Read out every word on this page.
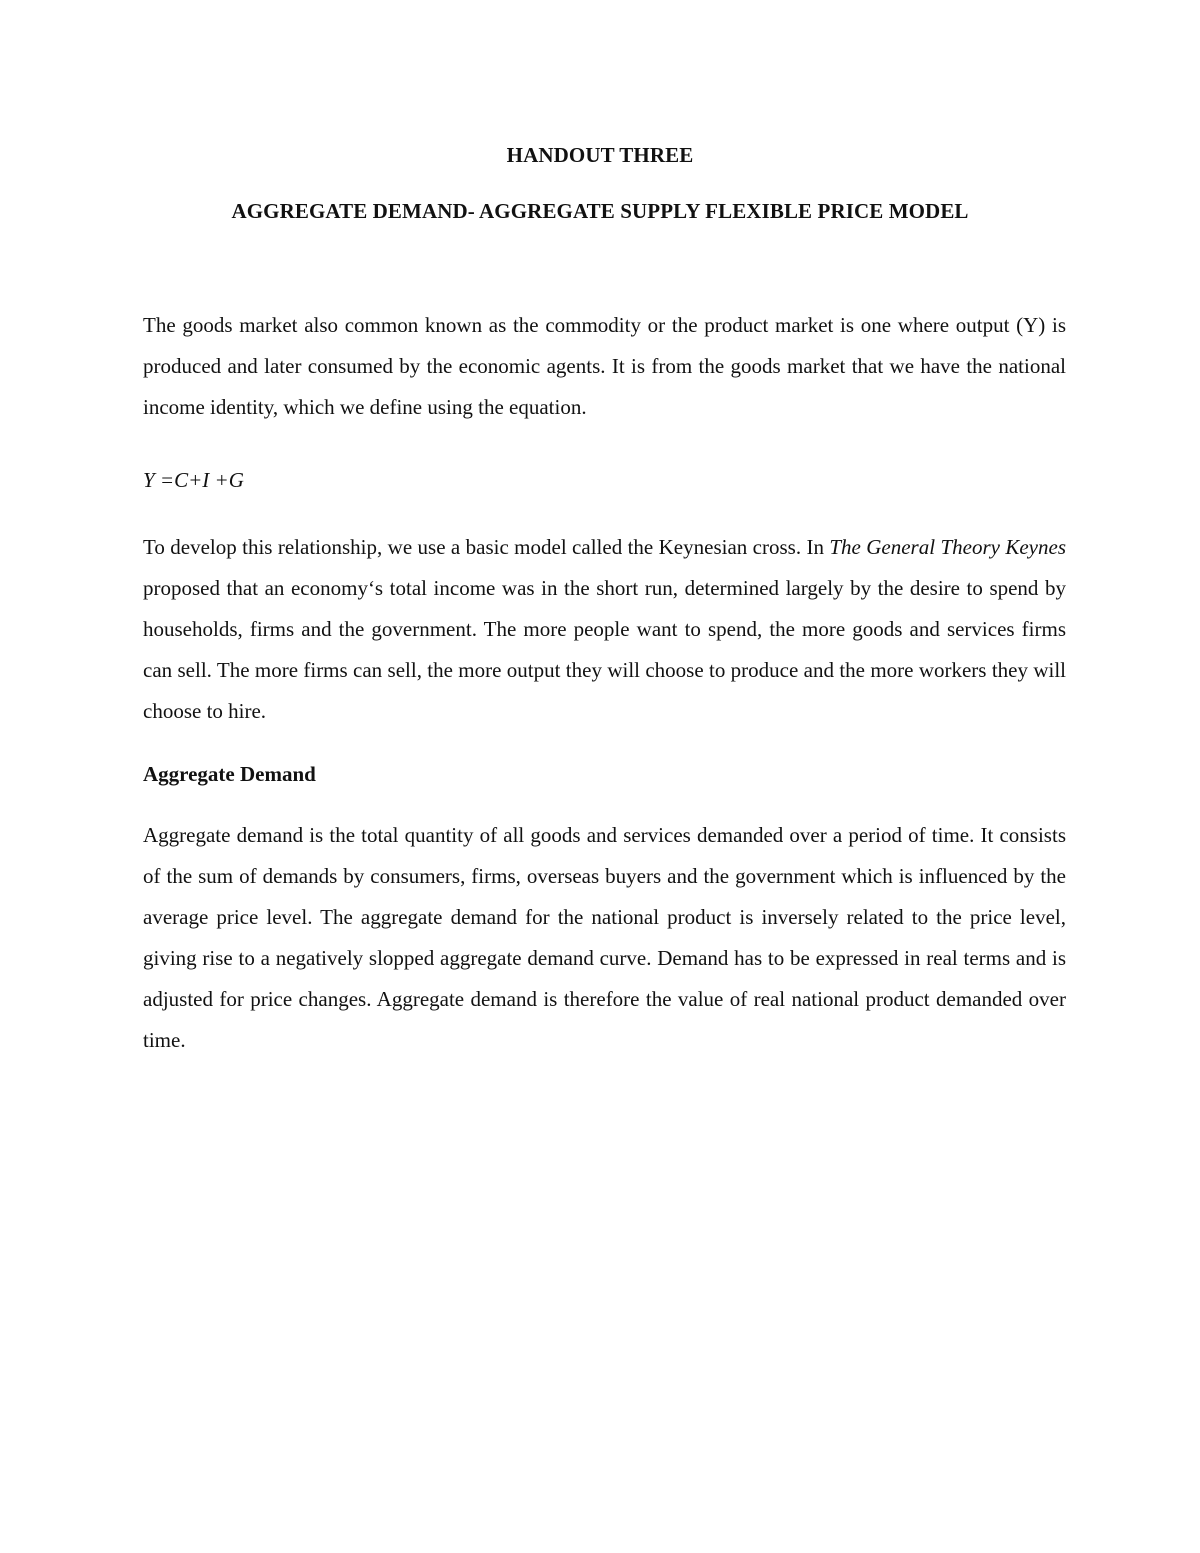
HANDOUT THREE
AGGREGATE DEMAND- AGGREGATE SUPPLY FLEXIBLE PRICE MODEL

The goods market also common known as the commodity or the product market is one where output (Y) is produced and later consumed by the economic agents. It is from the goods market that we have the national income identity, which we define using the equation.

Y =C+I +G

To develop this relationship, we use a basic model called the Keynesian cross. In The General Theory Keynes proposed that an economy‘s total income was in the short run, determined largely by the desire to spend by households, firms and the government. The more people want to spend, the more goods and services firms can sell. The more firms can sell, the more output they will choose to produce and the more workers they will choose to hire.

Aggregate Demand

Aggregate demand is the total quantity of all goods and services demanded over a period of time. It consists of the sum of demands by consumers, firms, overseas buyers and the government which is influenced by the average price level. The aggregate demand for the national product is inversely related to the price level, giving rise to a negatively slopped aggregate demand curve. Demand has to be expressed in real terms and is adjusted for price changes. Aggregate demand is therefore the value of real national product demanded over time.
